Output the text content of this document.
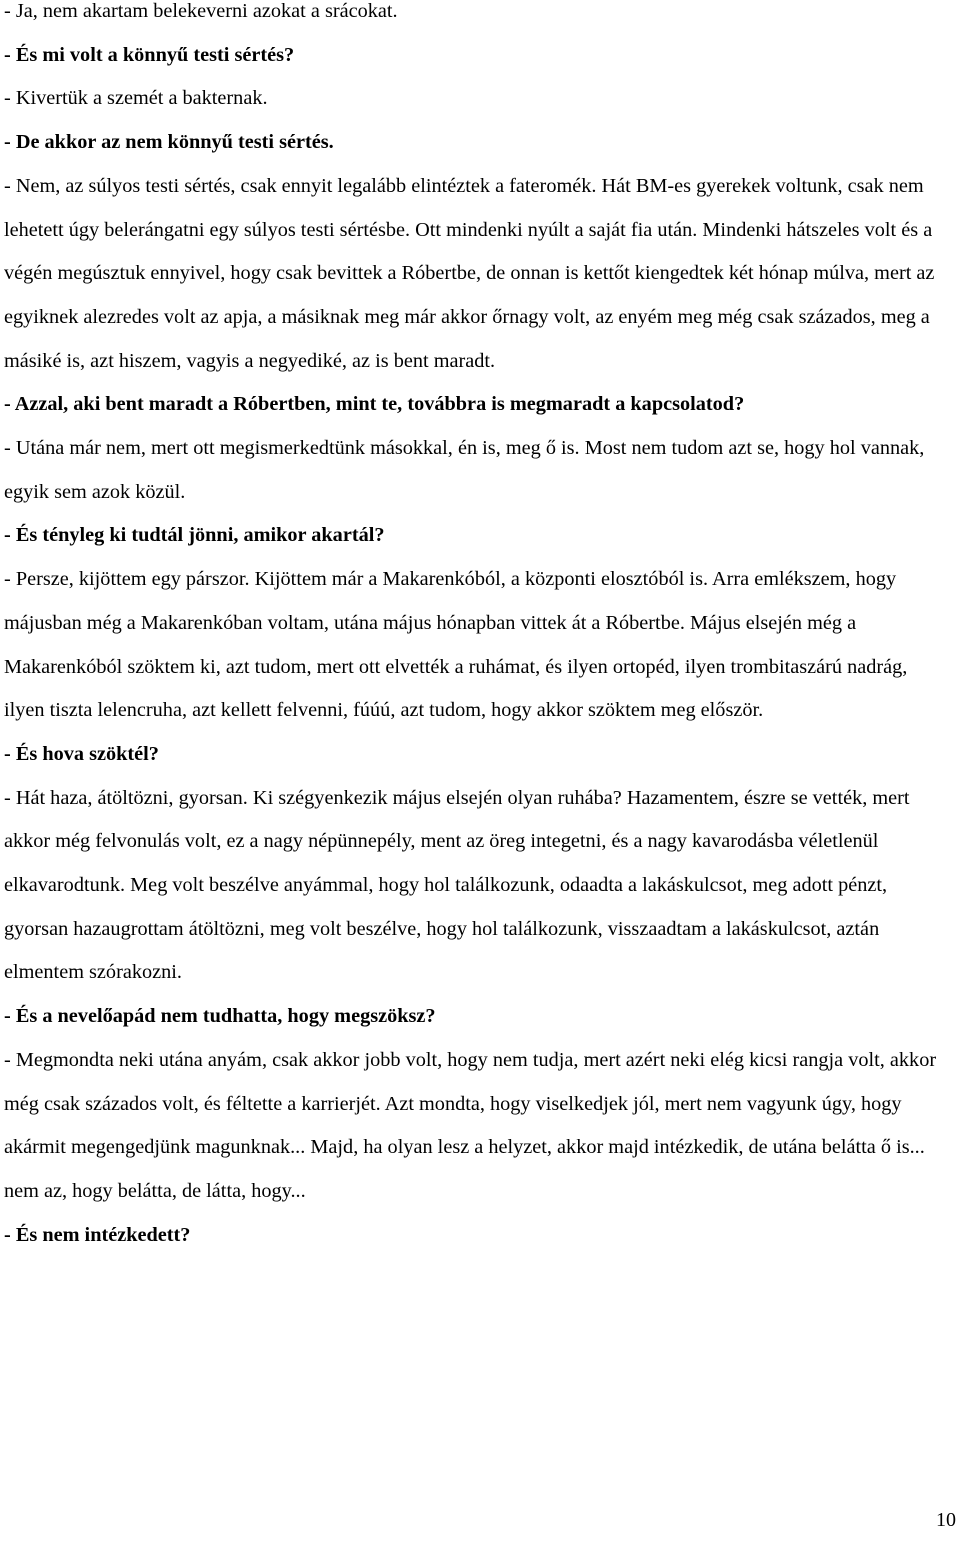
- Ja, nem akartam belekeverni azokat a srácokat.

- És mi volt a könnyű testi sértés?

- Kivertük a szemét a bakternak.

- De akkor az nem könnyű testi sértés.

- Nem, az súlyos testi sértés, csak ennyit legalább elintéztek a fateromék. Hát BM-es gyerekek voltunk, csak nem lehetett úgy belerángatni egy súlyos testi sértésbe. Ott mindenki nyúlt a saját fia után. Mindenki hátszeles volt és a végén megúsztuk ennyivel, hogy csak bevittek a Róbertbe, de onnan is kettőt kiengedtek két hónap múlva, mert az egyiknek alezredes volt az apja, a másiknak meg már akkor őrnagy volt, az enyém meg még csak százados, meg a másiké is, azt hiszem, vagyis a negyediké, az is bent maradt.

- Azzal, aki bent maradt a Róbertben, mint te, továbbra is megmaradt a kapcsolatod?

- Utána már nem, mert ott megismerkedtünk másokkal, én is, meg ő is. Most nem tudom azt se, hogy hol vannak, egyik sem azok közül.

- És tényleg ki tudtál jönni, amikor akartál?

- Persze, kijöttem egy párszor. Kijöttem már a Makarenkóból, a központi elosztóból is. Arra emlékszem, hogy májusban még a Makarenkóban voltam, utána május hónapban vittek át a Róbertbe. Május elsején még a Makarenkóból szöktem ki, azt tudom, mert ott elvették a ruhámat, és ilyen ortopéd, ilyen trombitaszárú nadrág, ilyen tiszta lelencruha, azt kellett felvenni, fúúú, azt tudom, hogy akkor szöktem meg először.

- És hova szöktél?

- Hát haza, átöltözni, gyorsan. Ki szégyenkezik május elsején olyan ruhába? Hazamentem, észre se vették, mert akkor még felvonulás volt, ez a nagy népünnepély, ment az öreg integetni, és a nagy kavarodásba véletlenül elkavarodtunk. Meg volt beszélve anyámmal, hogy hol találkozunk, odaadta a lakáskulcsot, meg adott pénzt, gyorsan hazaugrottam átöltözni, meg volt beszélve, hogy hol találkozunk, visszaadtam a lakáskulcsot, aztán elmentem szórakozni.

- És a nevelőapád nem tudhatta, hogy megszöksz?

- Megmondta neki utána anyám, csak akkor jobb volt, hogy nem tudja, mert azért neki elég kicsi rangja volt, akkor még csak százados volt, és féltette a karrierjét. Azt mondta, hogy viselkedjek jól, mert nem vagyunk úgy, hogy akármit megengedjünk magunknak... Majd, ha olyan lesz a helyzet, akkor majd intézkedik, de utána belátta ő is... nem az, hogy belátta, de látta, hogy...

- És nem intézkedett?

10
